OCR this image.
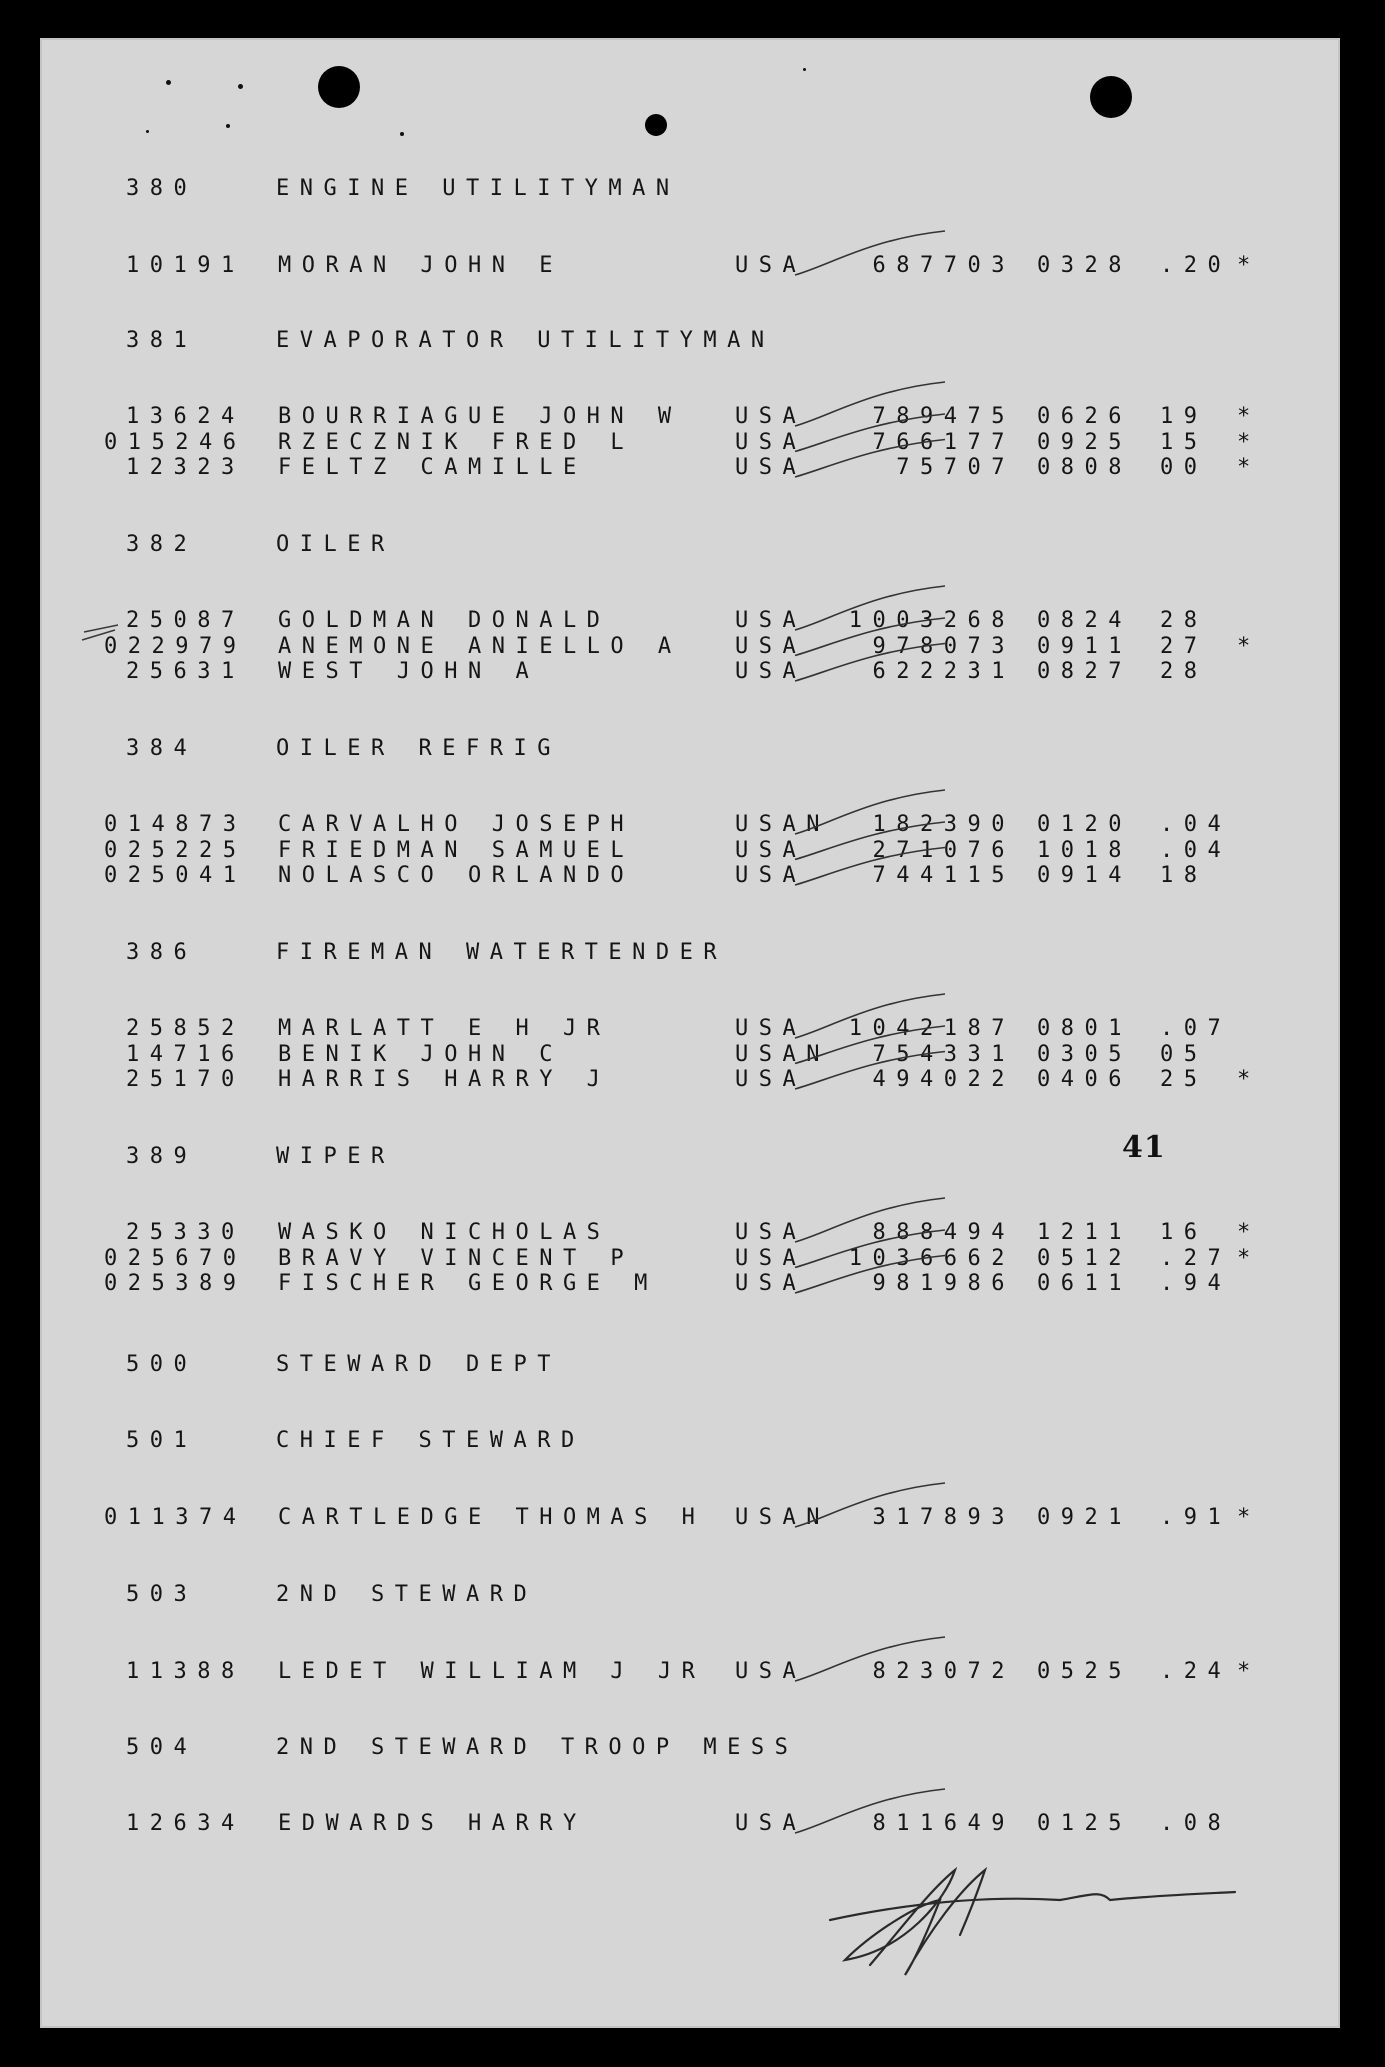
380	ENGINE UTILITYMAN
10191 MORAN JOHN E	USA	687703 0328 .20 *
381	EVAPORATOR UTILITYMAN
13624 BOURRIAGUE JOHN W USA	789475 0626 19 *
015246 RZECZNIK FRED L	USA	766177 0925 15 *
12323 FELTZ CAMILLE	USA	75707 0808 00 *
382	OILER
25087 GOLDMAN DONALD	USA 1003268 0824 28
022979 ANEMONE ANIELLO A USA	978073 0911 27 *
25631 WEST JOHN A	USA	622231 0827 28
384	OILER REFRIG
014873 CARVALHO JOSEPH	USAN	182390 0120 .04
025225 FRIEDMAN SAMUEL	USA	271076 1018 .04
025041 NOLASCO ORLANDO	USA	744115 0914 18
386	FIREMAN WATERTENDER
25852 MARLATT E H JR	USA 1042187 0801 .07
14716 BENIK JOHN C	USAN	754331 0305 05
25170 HARRIS HARRY J	USA	494022 0406 25 *
389	WIPER
25330 WASKO NICHOLAS	USA	888494 1211 16 *
025670 BRAVY VINCENT P	USA 1036662 0512 .27 *
025389 FISCHER GEORGE M	USA	981986 0611 .94
500	STEWARD DEPT
501	CHIEF STEWARD
011374 CARTLEDGE THOMAS H USAN	317893 0921 .91 *
503	2ND STEWARD
11388 LEDET WILLIAM J JR USA	823072 0525 .24 *
504	2ND STEWARD TROOP MESS
12634 EDWARDS HARRY	USA	811649 0125 .08
41
